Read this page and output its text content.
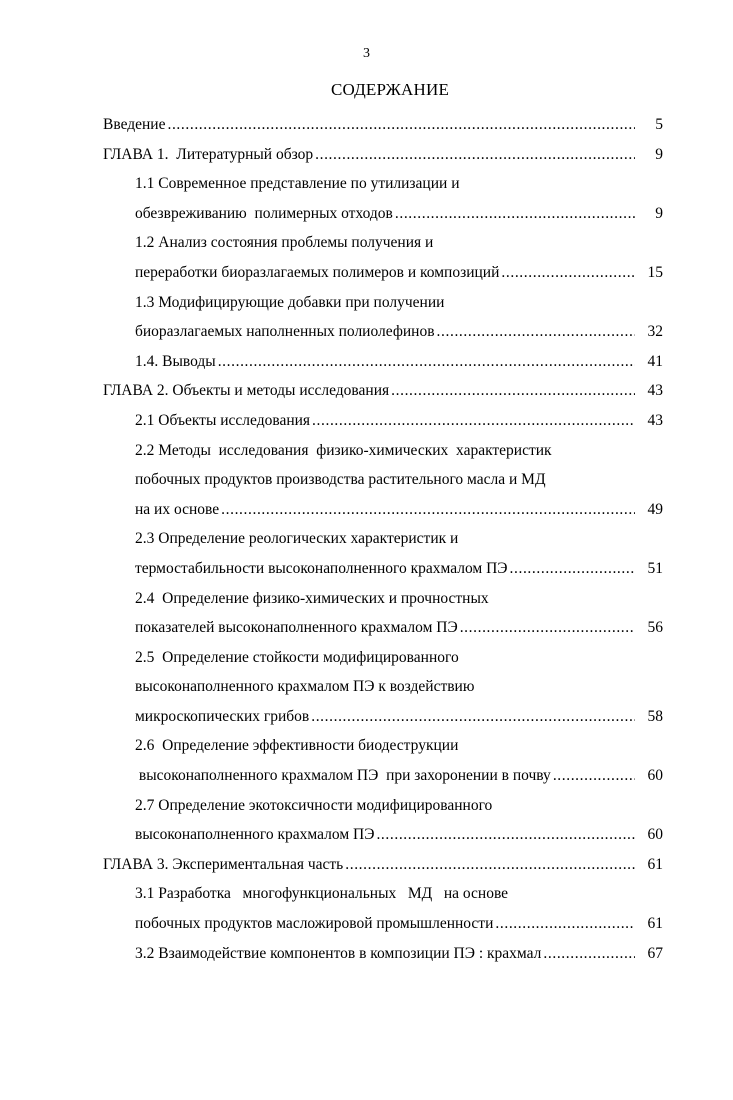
3
СОДЕРЖАНИЕ
Введение .....	5
ГЛАВА 1.  Литературный обзор .....	9
1.1 Современное представление по утилизации и
обезвреживанию  полимерных отходов .....	9
1.2 Анализ состояния проблемы получения и
переработки биоразлагаемых полимеров и композиций .....	15
1.3 Модифицирующие добавки при получении
биоразлагаемых наполненных полиолефинов .....	32
1.4. Выводы .....	41
ГЛАВА 2. Объекты и методы исследования .....	43
2.1 Объекты исследования .....	43
2.2 Методы  исследования  физико-химических  характеристик
побочных продуктов производства растительного масла и МД
на их основе .....	49
2.3 Определение реологических характеристик и
термостабильности высоконаполненного крахмалом ПЭ .....	51
2.4  Определение физико-химических и прочностных
показателей высоконаполненного крахмалом ПЭ .....	56
2.5  Определение стойкости модифицированного
высоконаполненного крахмалом ПЭ к воздействию
микроскопических грибов .....	58
2.6  Определение эффективности биодеструкции
высоконаполненного крахмалом ПЭ  при захоронении в почву .....	60
2.7 Определение экотоксичности модифицированного
высоконаполненного крахмалом ПЭ .....	60
ГЛАВА 3. Экспериментальная часть .....	61
3.1 Разработка   многофункциональных   МД   на основе
побочных продуктов масложировой промышленности .....	61
3.2 Взаимодействие компонентов в композиции ПЭ : крахмал .....	67
